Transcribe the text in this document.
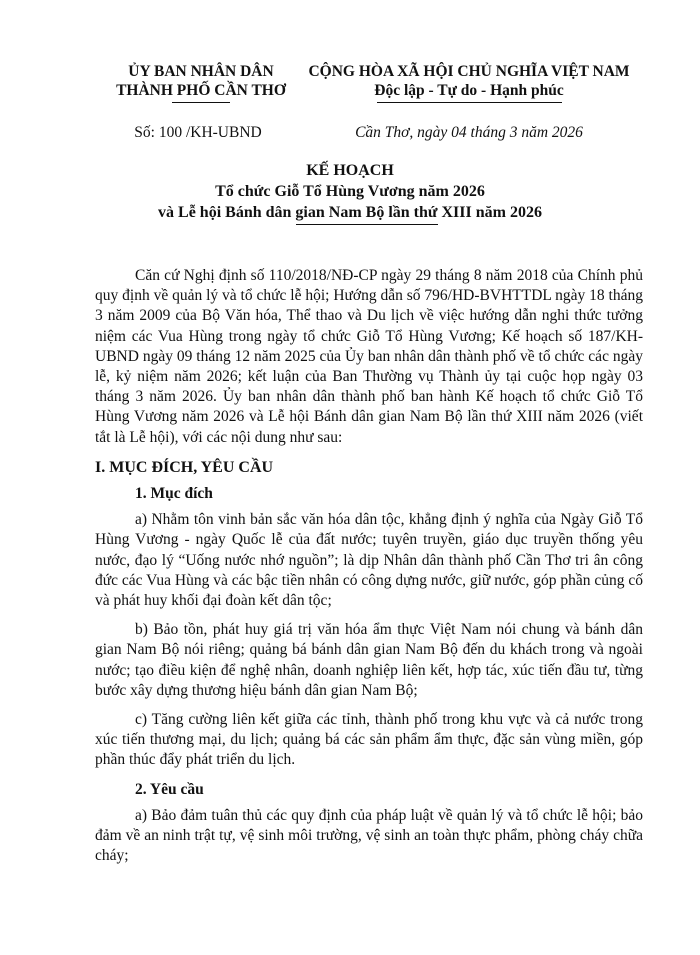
ỦY BAN NHÂN DÂN
THÀNH PHỐ CẦN THƠ
CỘNG HÒA XÃ HỘI CHỦ NGHĨA VIỆT NAM
Độc lập - Tự do - Hạnh phúc
Số: 100 /KH-UBND	Cần Thơ, ngày 04 tháng 3 năm 2026
KẾ HOẠCH
Tổ chức Giỗ Tổ Hùng Vương năm 2026
và Lễ hội Bánh dân gian Nam Bộ lần thứ XIII năm 2026

Căn cứ Nghị định số 110/2018/NĐ-CP ngày 29 tháng 8 năm 2018 của Chính phủ quy định về quản lý và tổ chức lễ hội; Hướng dẫn số 796/HD-BVHTTDL ngày 18 tháng 3 năm 2009 của Bộ Văn hóa, Thể thao và Du lịch về việc hướng dẫn nghi thức tưởng niệm các Vua Hùng trong ngày tổ chức Giỗ Tổ Hùng Vương; Kế hoạch số 187/KH-UBND ngày 09 tháng 12 năm 2025 của Ủy ban nhân dân thành phố về tổ chức các ngày lễ, kỷ niệm năm 2026; kết luận của Ban Thường vụ Thành ủy tại cuộc họp ngày 03 tháng 3 năm 2026. Ủy ban nhân dân thành phố ban hành Kế hoạch tổ chức Giỗ Tổ Hùng Vương năm 2026 và Lễ hội Bánh dân gian Nam Bộ lần thứ XIII năm 2026 (viết tắt là Lễ hội), với các nội dung như sau:

I. MỤC ĐÍCH, YÊU CẦU
1. Mục đích

a) Nhằm tôn vinh bản sắc văn hóa dân tộc, khẳng định ý nghĩa của Ngày Giỗ Tổ Hùng Vương - ngày Quốc lễ của đất nước; tuyên truyền, giáo dục truyền thống yêu nước, đạo lý “Uống nước nhớ nguồn”; là dịp Nhân dân thành phố Cần Thơ tri ân công đức các Vua Hùng và các bậc tiền nhân có công dựng nước, giữ nước, góp phần củng cố và phát huy khối đại đoàn kết dân tộc;

b) Bảo tồn, phát huy giá trị văn hóa ẩm thực Việt Nam nói chung và bánh dân gian Nam Bộ nói riêng; quảng bá bánh dân gian Nam Bộ đến du khách trong và ngoài nước; tạo điều kiện để nghệ nhân, doanh nghiệp liên kết, hợp tác, xúc tiến đầu tư, từng bước xây dựng thương hiệu bánh dân gian Nam Bộ;

c) Tăng cường liên kết giữa các tỉnh, thành phố trong khu vực và cả nước trong xúc tiến thương mại, du lịch; quảng bá các sản phẩm ẩm thực, đặc sản vùng miền, góp phần thúc đẩy phát triển du lịch.

2. Yêu cầu

a) Bảo đảm tuân thủ các quy định của pháp luật về quản lý và tổ chức lễ hội; bảo đảm về an ninh trật tự, vệ sinh môi trường, vệ sinh an toàn thực phẩm, phòng cháy chữa cháy;
